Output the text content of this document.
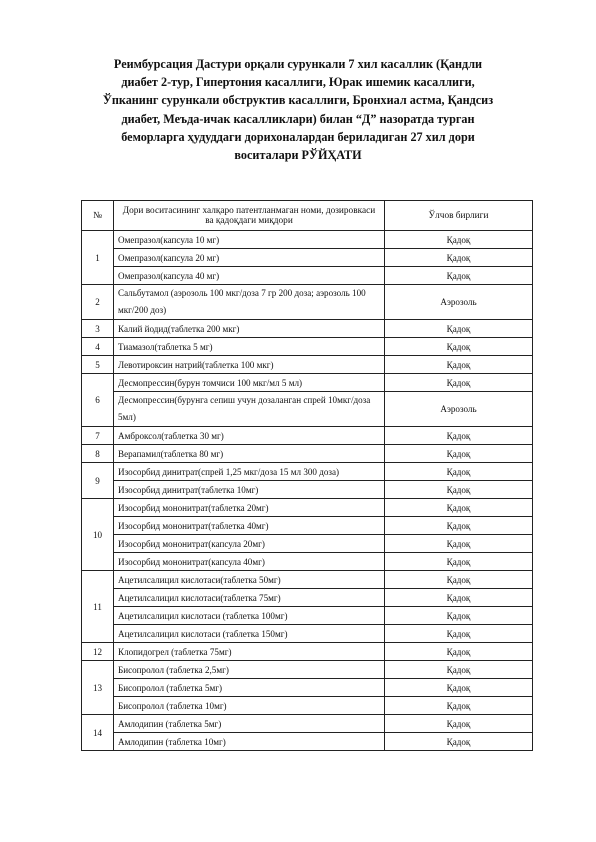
Реимбурсация Дастури орқали сурункали 7 хил касаллик (Қандли
диабет 2-тур, Гипертония касаллиги, Юрак ишемик касаллиги,
Ўпканинг сурункали обструктив касаллиги, Бронхиал астма, Қандсиз
диабет, Меъда-ичак касалликлари) билан “Д” назоратда турган
беморларга ҳудуддаги дорихоналардан бериладиган 27 хил дори
воситалари РЎЙҲАТИ
№	Дори воситасининг халқаро патентланмаган номи, дозировкаси ва қадоқдаги миқдори	Ўлчов бирлиги
1	Омепразол(капсула 10 мг)	Қадоқ
	Омепразол(капсула 20 мг)	Қадоқ
	Омепразол(капсула 40 мг)	Қадоқ
2	Сальбутамол (аэрозоль 100 мкг/доза 7 гр 200 доза; аэрозоль 100 мкг/200 доз)	Аэрозоль
3	Калий йодид(таблетка 200 мкг)	Қадоқ
4	Тиамазол(таблетка 5 мг)	Қадоқ
5	Левотироксин натрий(таблетка 100 мкг)	Қадоқ
6	Десмопрессин(бурун томчиси 100 мкг/мл 5 мл)	Қадоқ
	Десмопрессин(бурунга сепиш учун дозаланган спрей 10мкг/доза 5мл)	Аэрозоль
7	Амброксол(таблетка 30 мг)	Қадоқ
8	Верапамил(таблетка 80 мг)	Қадоқ
9	Изосорбид динитрат(спрей 1,25 мкг/доза 15 мл 300 доза)	Қадоқ
	Изосорбид динитрат(таблетка 10мг)	Қадоқ
10	Изосорбид мононитрат(таблетка 20мг)	Қадоқ
	Изосорбид мононитрат(таблетка 40мг)	Қадоқ
	Изосорбид мононитрат(капсула 20мг)	Қадоқ
	Изосорбид мононитрат(капсула 40мг)	Қадоқ
11	Ацетилсалицил кислотаси(таблетка 50мг)	Қадоқ
	Ацетилсалицил кислотаси(таблетка 75мг)	Қадоқ
	Ацетилсалицил кислотаси (таблетка 100мг)	Қадоқ
	Ацетилсалицил кислотаси (таблетка 150мг)	Қадоқ
12	Клопидогрел (таблетка 75мг)	Қадоқ
13	Бисопролол (таблетка 2,5мг)	Қадоқ
	Бисопролол (таблетка 5мг)	Қадоқ
	Бисопролол (таблетка 10мг)	Қадоқ
14	Амлодипин (таблетка 5мг)	Қадоқ
	Амлодипин (таблетка 10мг)	Қадоқ
